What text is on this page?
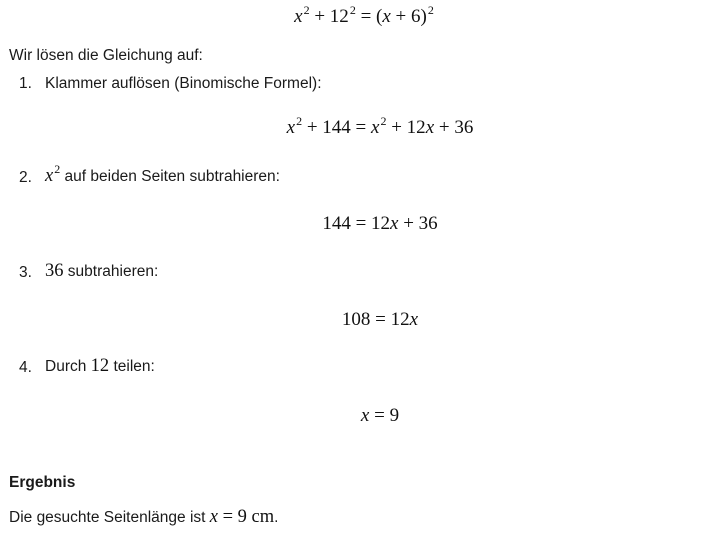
$x^2 + 12^2 = (x + 6)^2$
Wir lösen die Gleichung auf:
1. Klammer auflösen (Binomische Formel):
$x^2 + 144 = x^2 + 12x + 36$
2. $x^2$ auf beiden Seiten subtrahieren:
144 = 12x + 36
3. 36 subtrahieren:
108 = 12x
4. Durch 12 teilen:
x = 9
Ergebnis
Die gesuchte Seitenlänge ist x = 9 cm.
